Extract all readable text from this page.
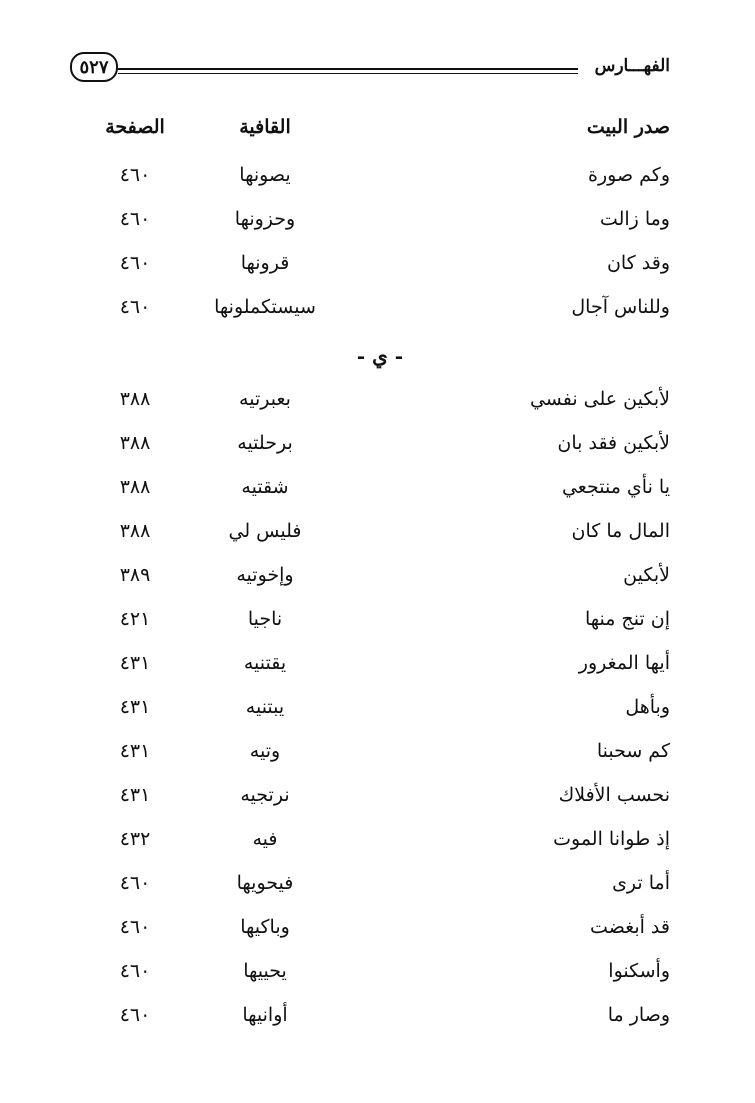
٥٢٧	الفهـــارس
صدر البيت
القافية
الصفحة
وكم صورة
يصونها
٤٦٠
وما زالت
وحزونها
٤٦٠
وقد كان
قرونها
٤٦٠
وللناس آجال
سيستكملونها
٤٦٠
- ي -
لأبكين على نفسي
بعبرتيه
٣٨٨
لأبكين فقد بان
برحلتيه
٣٨٨
يا نأي منتجعي
شقتيه
٣٨٨
المال ما كان
فليس لي
٣٨٨
لأبكين
وإخوتيه
٣٨٩
إن تنج منها
ناجيا
٤٢١
أيها المغرور
يقتنيه
٤٣١
وبأهل
يبتنيه
٤٣١
كم سحبنا
وتيه
٤٣١
نحسب الأفلاك
نرتجيه
٤٣١
إذ طوانا الموت
فيه
٤٣٢
أما ترى
فيحويها
٤٦٠
قد أبغضت
وباكيها
٤٦٠
وأسكنوا
يحييها
٤٦٠
وصار ما
أوانيها
٤٦٠
